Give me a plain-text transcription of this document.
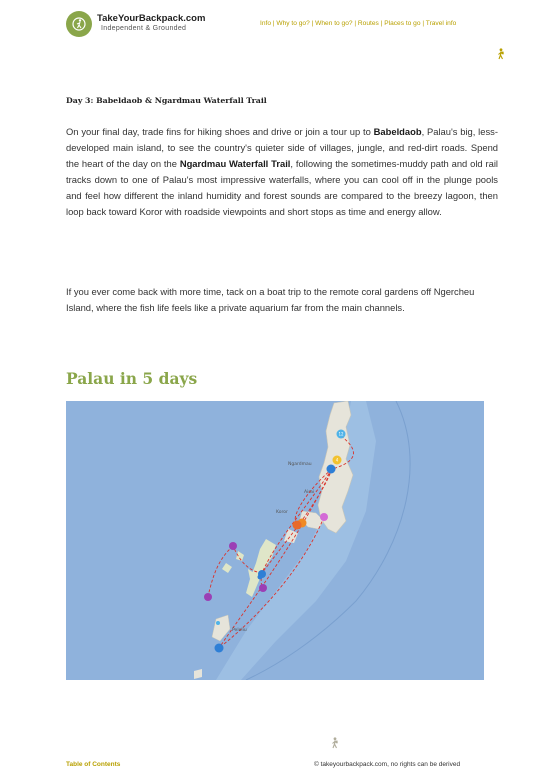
TakeYourBackpack.com
Independent & Grounded
Info | Why to go? | When to go? | Routes | Places to go | Travel info
Day 3: Babeldaob & Ngardmau Waterfall Trail
On your final day, trade fins for hiking shoes and drive or join a tour up to Babeldaob, Palau's big, less-developed main island, to see the country's quieter side of villages, jungle, and red-dirt roads. Spend the heart of the day on the Ngardmau Waterfall Trail, following the sometimes-muddy path and old rail tracks down to one of Palau's most impressive waterfalls, where you can cool off in the plunge pools and feel how different the inland humidity and forest sounds are compared to the breezy lagoon, then loop back toward Koror with roadside viewpoints and short stops as time and energy allow.
If you ever come back with more time, tack on a boat trip to the remote coral gardens off Ngercheu Island, where the fish life feels like a private aquarium far from the main channels.
Palau in 5 days
Ngardmau
Airai
Koror
Peleliu
12
4
Table of Contents	© takeyourbackpack.com, no rights can be derived
